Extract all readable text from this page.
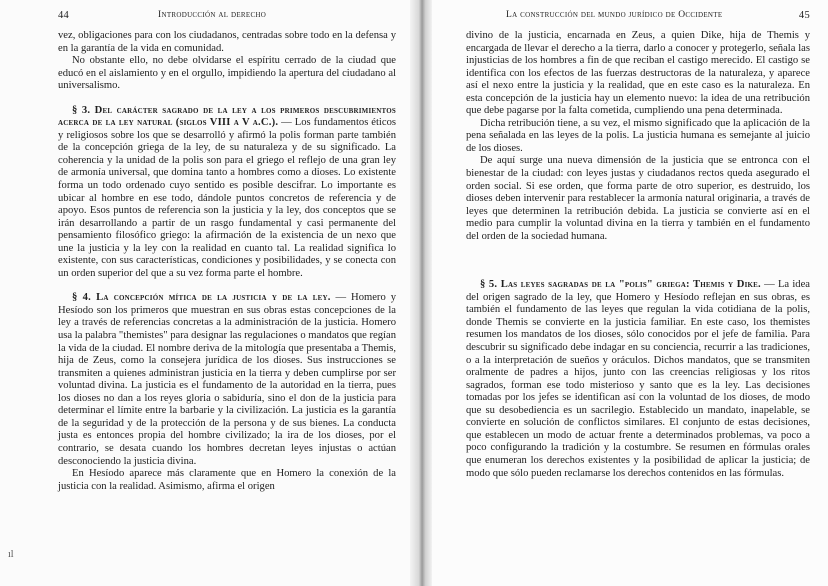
44	Introducción al derecho

vez, obligaciones para con los ciudadanos, centradas sobre todo en la defensa y en la garantía de la vida en comunidad.

No obstante ello, no debe olvidarse el espíritu cerrado de la ciudad que educó en el aislamiento y en el orgullo, impidiendo la apertura del ciudadano al universalismo.

§ 3. Del carácter sagrado de la ley a los primeros descubrimientos acerca de la ley natural (siglos VIII a V a.C.). — Los fundamentos éticos y religiosos sobre los que se desarrolló y afirmó la polis forman parte también de la concepción griega de la ley, de su naturaleza y de su significado. La coherencia y la unidad de la polis son para el griego el reflejo de una gran ley de armonía universal, que domina tanto a hombres como a dioses. Lo existente forma un todo ordenado cuyo sentido es posible descifrar. Lo importante es ubicar al hombre en ese todo, dándole puntos concretos de referencia y de apoyo. Esos puntos de referencia son la justicia y la ley, dos conceptos que se irán desarrollando a partir de un rasgo fundamental y casi permanente del pensamiento filosófico griego: la afirmación de la existencia de un nexo que une la justicia y la ley con la realidad en cuanto tal. La realidad significa lo existente, con sus características, condiciones y posibilidades, y se conecta con un orden superior del que a su vez forma parte el hombre.

§ 4. La concepción mítica de la justicia y de la ley. — Homero y Hesíodo son los primeros que muestran en sus obras estas concepciones de la ley a través de referencias concretas a la administración de la justicia. Homero usa la palabra "themistes" para designar las regulaciones o mandatos que regían la vida de la ciudad. El nombre deriva de la mitología que presentaba a Themis, hija de Zeus, como la consejera jurídica de los dioses. Sus instrucciones se transmiten a quienes administran justicia en la tierra y deben cumplirse por ser voluntad divina. La justicia es el fundamento de la autoridad en la tierra, pues los dioses no dan a los reyes gloria o sabiduría, sino el don de la justicia para determinar el límite entre la barbarie y la civilización. La justicia es la garantía de la seguridad y de la protección de la persona y de sus bienes. La conducta justa es entonces propia del hombre civilizado; la ira de los dioses, por el contrario, se desata cuando los hombres decretan leyes injustas o actúan desconociendo la justicia divina.

En Hesíodo aparece más claramente que en Homero la conexión de la justicia con la realidad. Asimismo, afirma el origen

ıl
La construcción del mundo jurídico de Occidente	45

divino de la justicia, encarnada en Zeus, a quien Dike, hija de Themis y encargada de llevar el derecho a la tierra, darlo a conocer y protegerlo, señala las injusticias de los hombres a fin de que reciban el castigo merecido. El castigo se identifica con los efectos de las fuerzas destructoras de la naturaleza, y aparece así el nexo entre la justicia y la realidad, que en este caso es la naturaleza. En esta concepción de la justicia hay un elemento nuevo: la idea de una retribución que debe pagarse por la falta cometida, cumpliendo una pena determinada.

Dicha retribución tiene, a su vez, el mismo significado que la aplicación de la pena señalada en las leyes de la polis. La justicia humana es semejante al juicio de los dioses.

De aquí surge una nueva dimensión de la justicia que se entronca con el bienestar de la ciudad: con leyes justas y ciudadanos rectos queda asegurado el orden social. Si ese orden, que forma parte de otro superior, es destruido, los dioses deben intervenir para restablecer la armonía natural originaria, a través de leyes que determinen la retribución debida. La justicia se convierte así en el medio para cumplir la voluntad divina en la tierra y también en el fundamento del orden de la sociedad humana.

§ 5. Las leyes sagradas de la "polis" griega: Themis y Dike. — La idea del origen sagrado de la ley, que Homero y Hesíodo reflejan en sus obras, es también el fundamento de las leyes que regulan la vida cotidiana de la polis, donde Themis se convierte en la justicia familiar. En este caso, los themistes resumen los mandatos de los dioses, sólo conocidos por el jefe de familia. Para descubrir su significado debe indagar en su conciencia, recurrir a las tradiciones, o a la interpretación de sueños y oráculos. Dichos mandatos, que se transmiten oralmente de padres a hijos, junto con las creencias religiosas y los ritos sagrados, forman ese todo misterioso y santo que es la ley. Las decisiones tomadas por los jefes se identifican así con la voluntad de los dioses, de modo que su desobediencia es un sacrilegio. Establecido un mandato, inapelable, se convierte en solución de conflictos similares. El conjunto de estas decisiones, que establecen un modo de actuar frente a determinados problemas, va poco a poco configurando la tradición y la costumbre. Se resumen en fórmulas orales que enumeran los derechos existentes y la posibilidad de aplicar la justicia; de modo que sólo pueden reclamarse los derechos contenidos en las fórmulas.
